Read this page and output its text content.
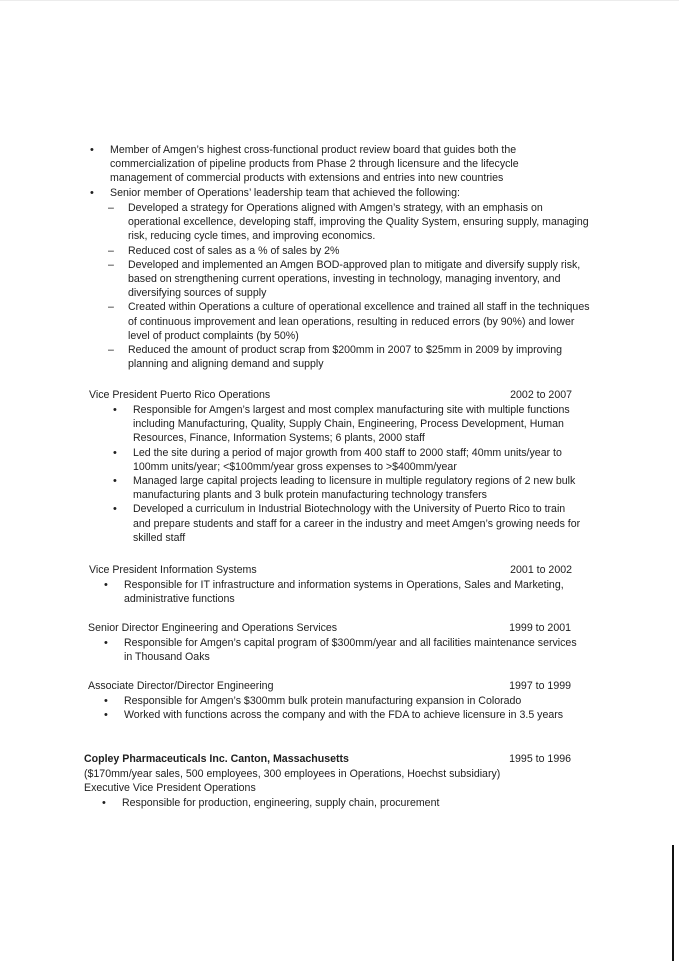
• Member of Amgen’s highest cross-functional product review board that guides both the commercialization of pipeline products from Phase 2 through licensure and the lifecycle management of commercial products with extensions and entries into new countries
• Senior member of Operations’ leadership team that achieved the following:
– Developed a strategy for Operations aligned with Amgen’s strategy, with an emphasis on operational excellence, developing staff, improving the Quality System, ensuring supply, managing risk, reducing cycle times, and improving economics.
– Reduced cost of sales as a % of sales by 2%
– Developed and implemented an Amgen BOD-approved plan to mitigate and diversify supply risk, based on strengthening current operations, investing in technology, managing inventory, and diversifying sources of supply
– Created within Operations a culture of operational excellence and trained all staff in the techniques of continuous improvement and lean operations, resulting in reduced errors (by 90%) and lower level of product complaints (by 50%)
– Reduced the amount of product scrap from $200mm in 2007 to $25mm in 2009 by improving planning and aligning demand and supply
Vice President Puerto Rico Operations	2002 to 2007
• Responsible for Amgen’s largest and most complex manufacturing site with multiple functions including Manufacturing, Quality, Supply Chain, Engineering, Process Development, Human Resources, Finance, Information Systems; 6 plants, 2000 staff
• Led the site during a period of major growth from 400 staff to 2000 staff; 40mm units/year to 100mm units/year; <$100mm/year gross expenses to >$400mm/year
• Managed large capital projects leading to licensure in multiple regulatory regions of 2 new bulk manufacturing plants and 3 bulk protein manufacturing technology transfers
• Developed a curriculum in Industrial Biotechnology with the University of Puerto Rico to train and prepare students and staff for a career in the industry and meet Amgen’s growing needs for skilled staff
Vice President Information Systems	2001 to 2002
• Responsible for IT infrastructure and information systems in Operations, Sales and Marketing, administrative functions
Senior Director Engineering and Operations Services	1999 to 2001
• Responsible for Amgen’s capital program of $300mm/year and all facilities maintenance services in Thousand Oaks
Associate Director/Director Engineering	1997 to 1999
• Responsible for Amgen’s $300mm bulk protein manufacturing expansion in Colorado
• Worked with functions across the company and with the FDA to achieve licensure in 3.5 years
Copley Pharmaceuticals Inc. Canton, Massachusetts	1995 to 1996
($170mm/year sales, 500 employees, 300 employees in Operations, Hoechst subsidiary)
Executive Vice President Operations
• Responsible for production, engineering, supply chain, procurement
